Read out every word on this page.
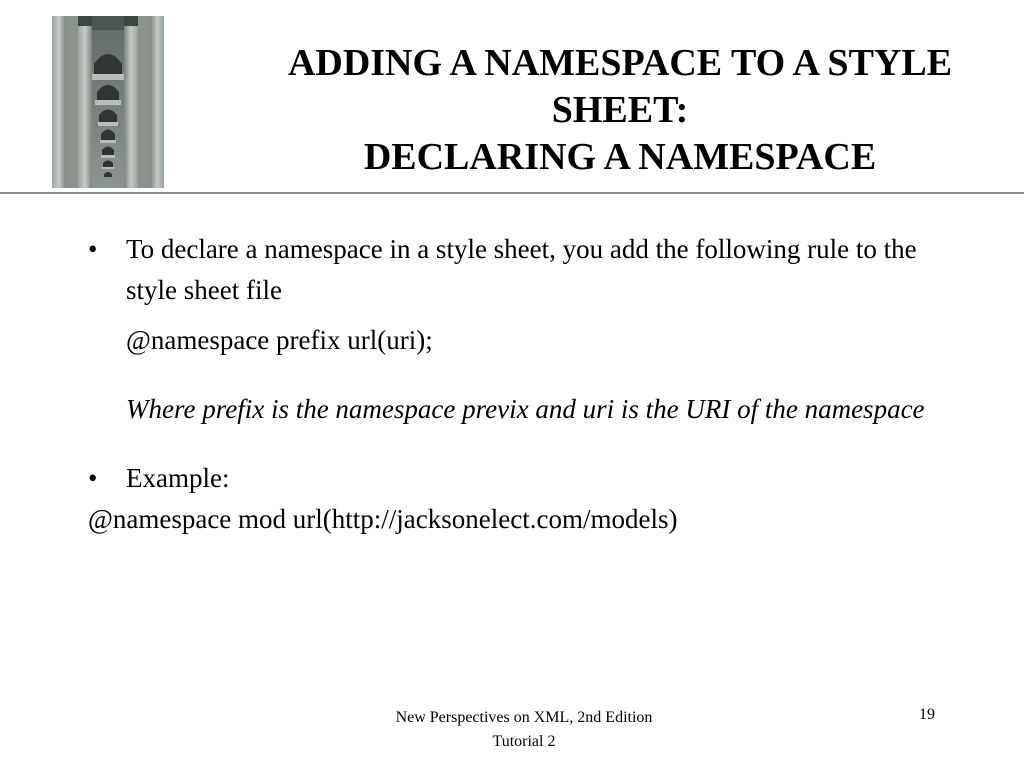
ADDING A NAMESPACE TO A STYLE
SHEET:
DECLARING A NAMESPACE
• To declare a namespace in a style sheet, you add the following rule to the style sheet file
@namespace prefix url(uri);
Where prefix is the namespace previx and uri is the URI of the namespace
• Example:
@namespace mod url(http://jacksonelect.com/models)
New Perspectives on XML, 2nd Edition
Tutorial 2
19
